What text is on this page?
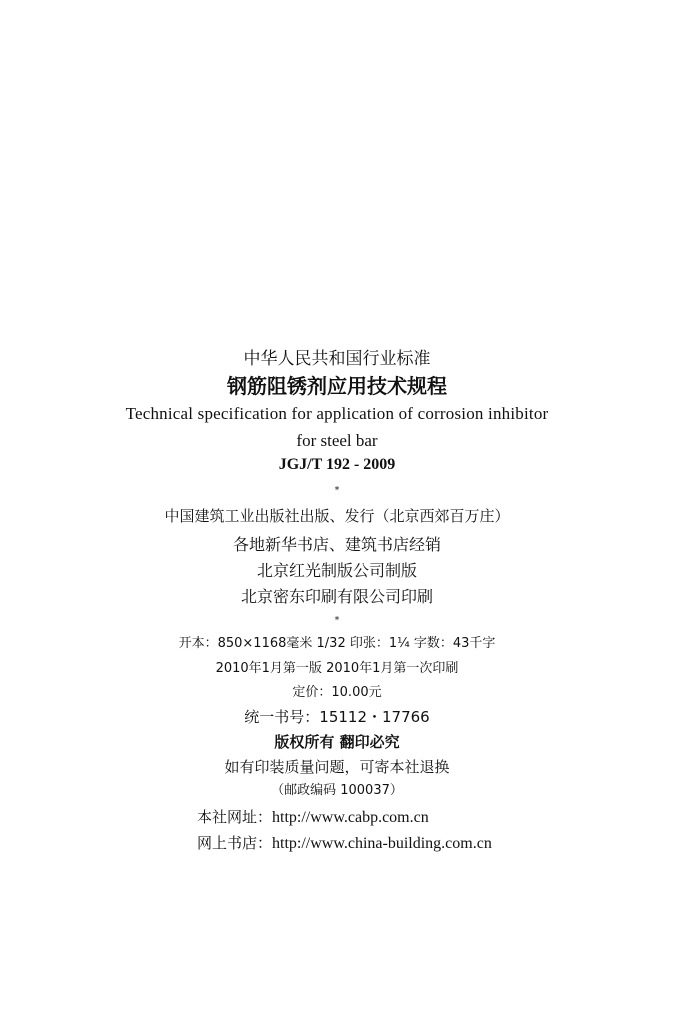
中华人民共和国行业标准
钢筋阻锈剂应用技术规程
Technical specification for application of corrosion inhibitor
for steel bar
JGJ/T 192 - 2009
*
中国建筑工业出版社出版、发行（北京西郊百万庄）
各地新华书店、建筑书店经销
北京红光制版公司制版
北京密东印刷有限公司印刷
*
开本：850×1168毫米 1/32 印张：1¼ 字数：43千字
2010年1月第一版 2010年1月第一次印刷
定价：10.00元
统一书号：15112・17766
版权所有 翻印必究
如有印装质量问题，可寄本社退换
（邮政编码 100037）
本社网址：http://www.cabp.com.cn
网上书店：http://www.china-building.com.cn
